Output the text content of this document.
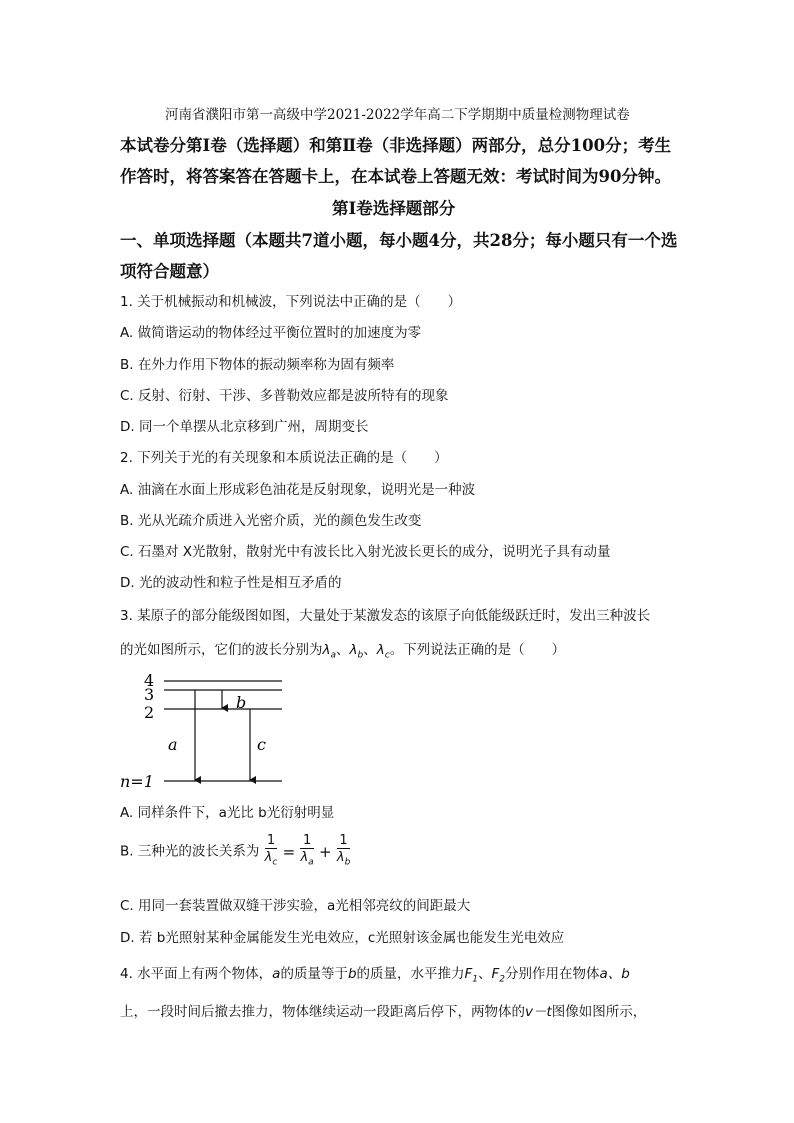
河南省濮阳市第一高级中学2021-2022学年高二下学期期中质量检测物理试卷
本试卷分第Ⅰ卷（选择题）和第Ⅱ卷（非选择题）两部分，总分100分；考生
作答时，将答案答在答题卡上，在本试卷上答题无效：考试时间为90分钟。
第Ⅰ卷选择题部分
一、单项选择题（本题共7道小题，每小题4分，共28分；每小题只有一个选
项符合题意）
1. 关于机械振动和机械波，下列说法中正确的是（　　）
A. 做简谐运动的物体经过平衡位置时的加速度为零
B. 在外力作用下物体的振动频率称为固有频率
C. 反射、衍射、干涉、多普勒效应都是波所特有的现象
D. 同一个单摆从北京移到广州，周期变长
2. 下列关于光的有关现象和本质说法正确的是（　　）
A. 油滴在水面上形成彩色油花是反射现象，说明光是一种波
B. 光从光疏介质进入光密介质，光的颜色发生改变
C. 石墨对 X光散射，散射光中有波长比入射光波长更长的成分，说明光子具有动量
D. 光的波动性和粒子性是相互矛盾的
3. 某原子的部分能级图如图，大量处于某激发态的该原子向低能级跃迁时，发出三种波长
的光如图所示，它们的波长分别为$\lambda_a$、$\lambda_b$、$\lambda_c$。下列说法正确的是（　　）
4
3
2
n=1
a
b
c
A. 同样条件下，a光比 b光衍射明显
B. 三种光的波长关系为 $\frac{1}{\lambda_c} = \frac{1}{\lambda_a} + \frac{1}{\lambda_b}$
C. 用同一套装置做双缝干涉实验，a光相邻亮纹的间距最大
D. 若 b光照射某种金属能发生光电效应，c光照射该金属也能发生光电效应
4. 水平面上有两个物体，a的质量等于b的质量，水平推力$F_1$、$F_2$分别作用在物体a、b
上，一段时间后撤去推力，物体继续运动一段距离后停下，两物体的v－t图像如图所示，
